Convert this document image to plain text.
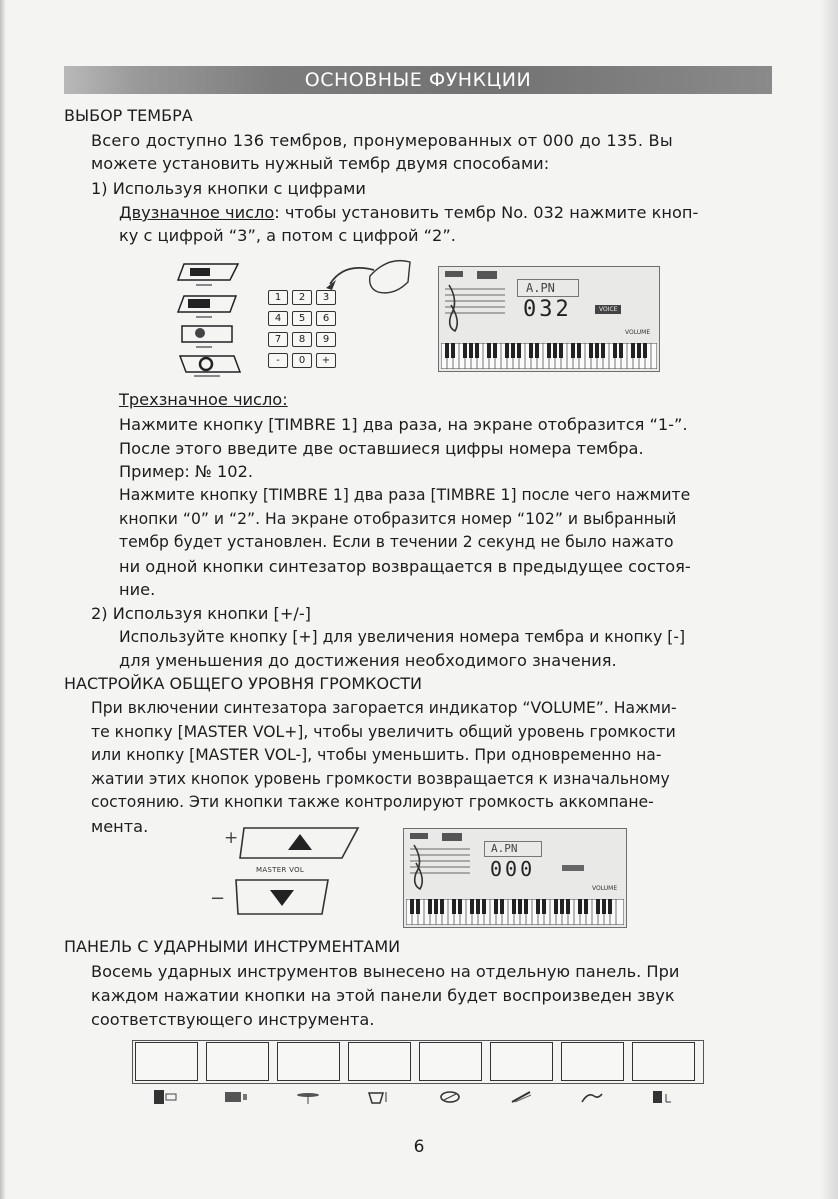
ОСНОВНЫЕ ФУНКЦИИ
ВЫБОР ТЕМБРА
Всего доступно 136 тембров, пронумерованных от 000 до 135. Вы
можете установить нужный тембр двумя способами:
1) Используя кнопки с цифрами
Двузначное число: чтобы установить тембр No. 032 нажмите кноп-
ку с цифрой “3”, а потом с цифрой “2”.
1	2	3
4	5	6
7	8	9
-	0	+
A.PN
032	VOICE
VOLUME
Трехзначное число:
Нажмите кнопку [TIMBRE 1] два раза, на экране отобразится “1-”.
После этого введите две оставшиеся цифры номера тембра.
Пример: № 102.
Нажмите кнопку [TIMBRE 1] два раза [TIMBRE 1] после чего нажмите
кнопки “0” и “2”. На экране отобразится номер “102” и выбранный
тембр будет установлен. Если в течении 2 секунд не было нажато
ни одной кнопки синтезатор возвращается в предыдущее состоя-
ние.
2) Используя кнопки [+/-]
Используйте кнопку [+] для увеличения номера тембра и кнопку [-]
для уменьшения до достижения необходимого значения.
НАСТРОЙКА ОБЩЕГО УРОВНЯ ГРОМКОСТИ
При включении синтезатора загорается индикатор “VOLUME”. Нажми-
те кнопку [MASTER VOL+], чтобы увеличить общий уровень громкости
или кнопку [MASTER VOL-], чтобы уменьшить. При одновременно на-
жатии этих кнопок уровень громкости возвращается к изначальному
состоянию. Эти кнопки также контролируют громкость аккомпане-
мента.
+
MASTER VOL
−
A.PN
000
VOLUME
ПАНЕЛЬ С УДАРНЫМИ ИНСТРУМЕНТАМИ
Восемь ударных инструментов вынесено на отдельную панель. При
каждом нажатии кнопки на этой панели будет воспроизведен звук
соответствующего инструмента.
6
